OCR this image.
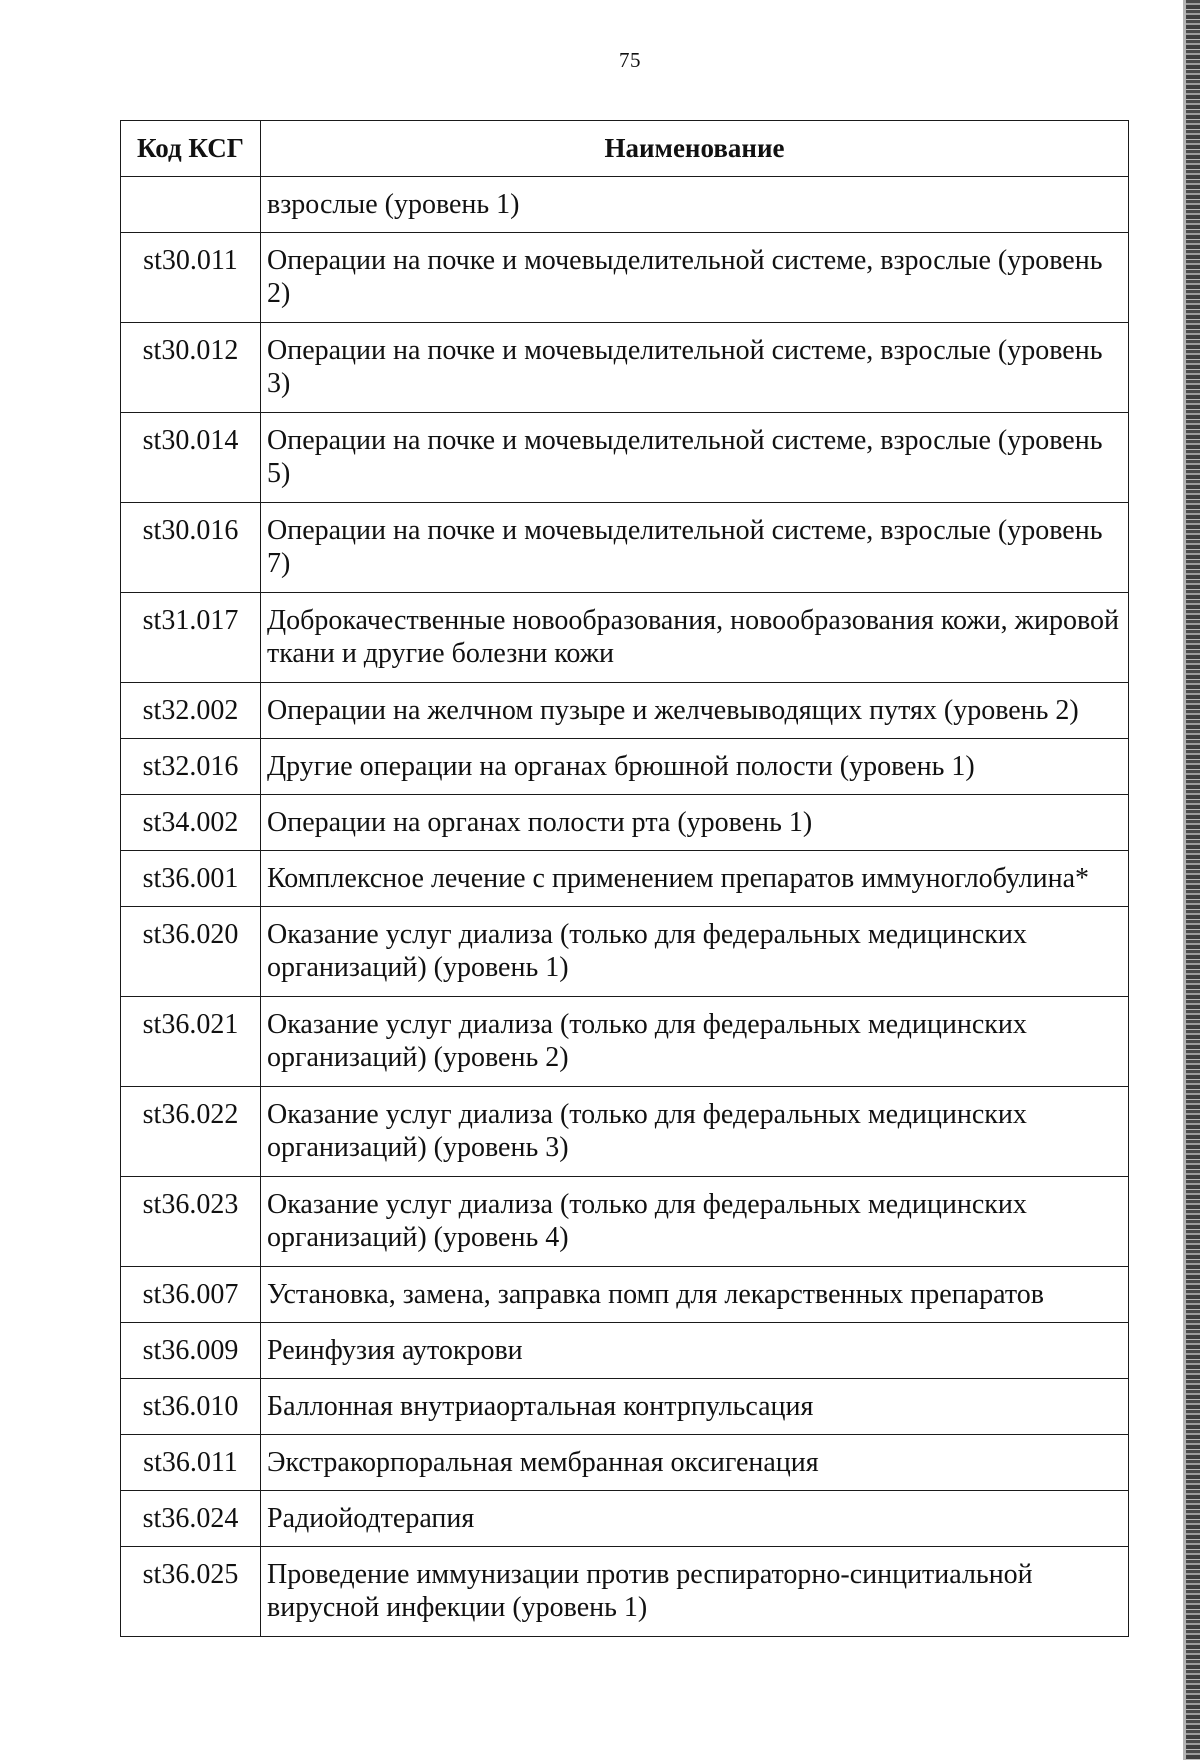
75
Код КСГ	Наименование
	взрослые (уровень 1)
st30.011	Операции на почке и мочевыделительной системе, взрослые (уровень 2)
st30.012	Операции на почке и мочевыделительной системе, взрослые (уровень 3)
st30.014	Операции на почке и мочевыделительной системе, взрослые (уровень 5)
st30.016	Операции на почке и мочевыделительной системе, взрослые (уровень 7)
st31.017	Доброкачественные новообразования, новообразования кожи, жировой ткани и другие болезни кожи
st32.002	Операции на желчном пузыре и желчевыводящих путях (уровень 2)
st32.016	Другие операции на органах брюшной полости (уровень 1)
st34.002	Операции на органах полости рта (уровень 1)
st36.001	Комплексное лечение с применением препаратов иммуноглобулина*
st36.020	Оказание услуг диализа (только для федеральных медицинских организаций) (уровень 1)
st36.021	Оказание услуг диализа (только для федеральных медицинских организаций) (уровень 2)
st36.022	Оказание услуг диализа (только для федеральных медицинских организаций) (уровень 3)
st36.023	Оказание услуг диализа (только для федеральных медицинских организаций) (уровень 4)
st36.007	Установка, замена, заправка помп для лекарственных препаратов
st36.009	Реинфузия аутокрови
st36.010	Баллонная внутриаортальная контрпульсация
st36.011	Экстракорпоральная мембранная оксигенация
st36.024	Радиойодтерапия
st36.025	Проведение иммунизации против респираторно-синцитиальной вирусной инфекции (уровень 1)
